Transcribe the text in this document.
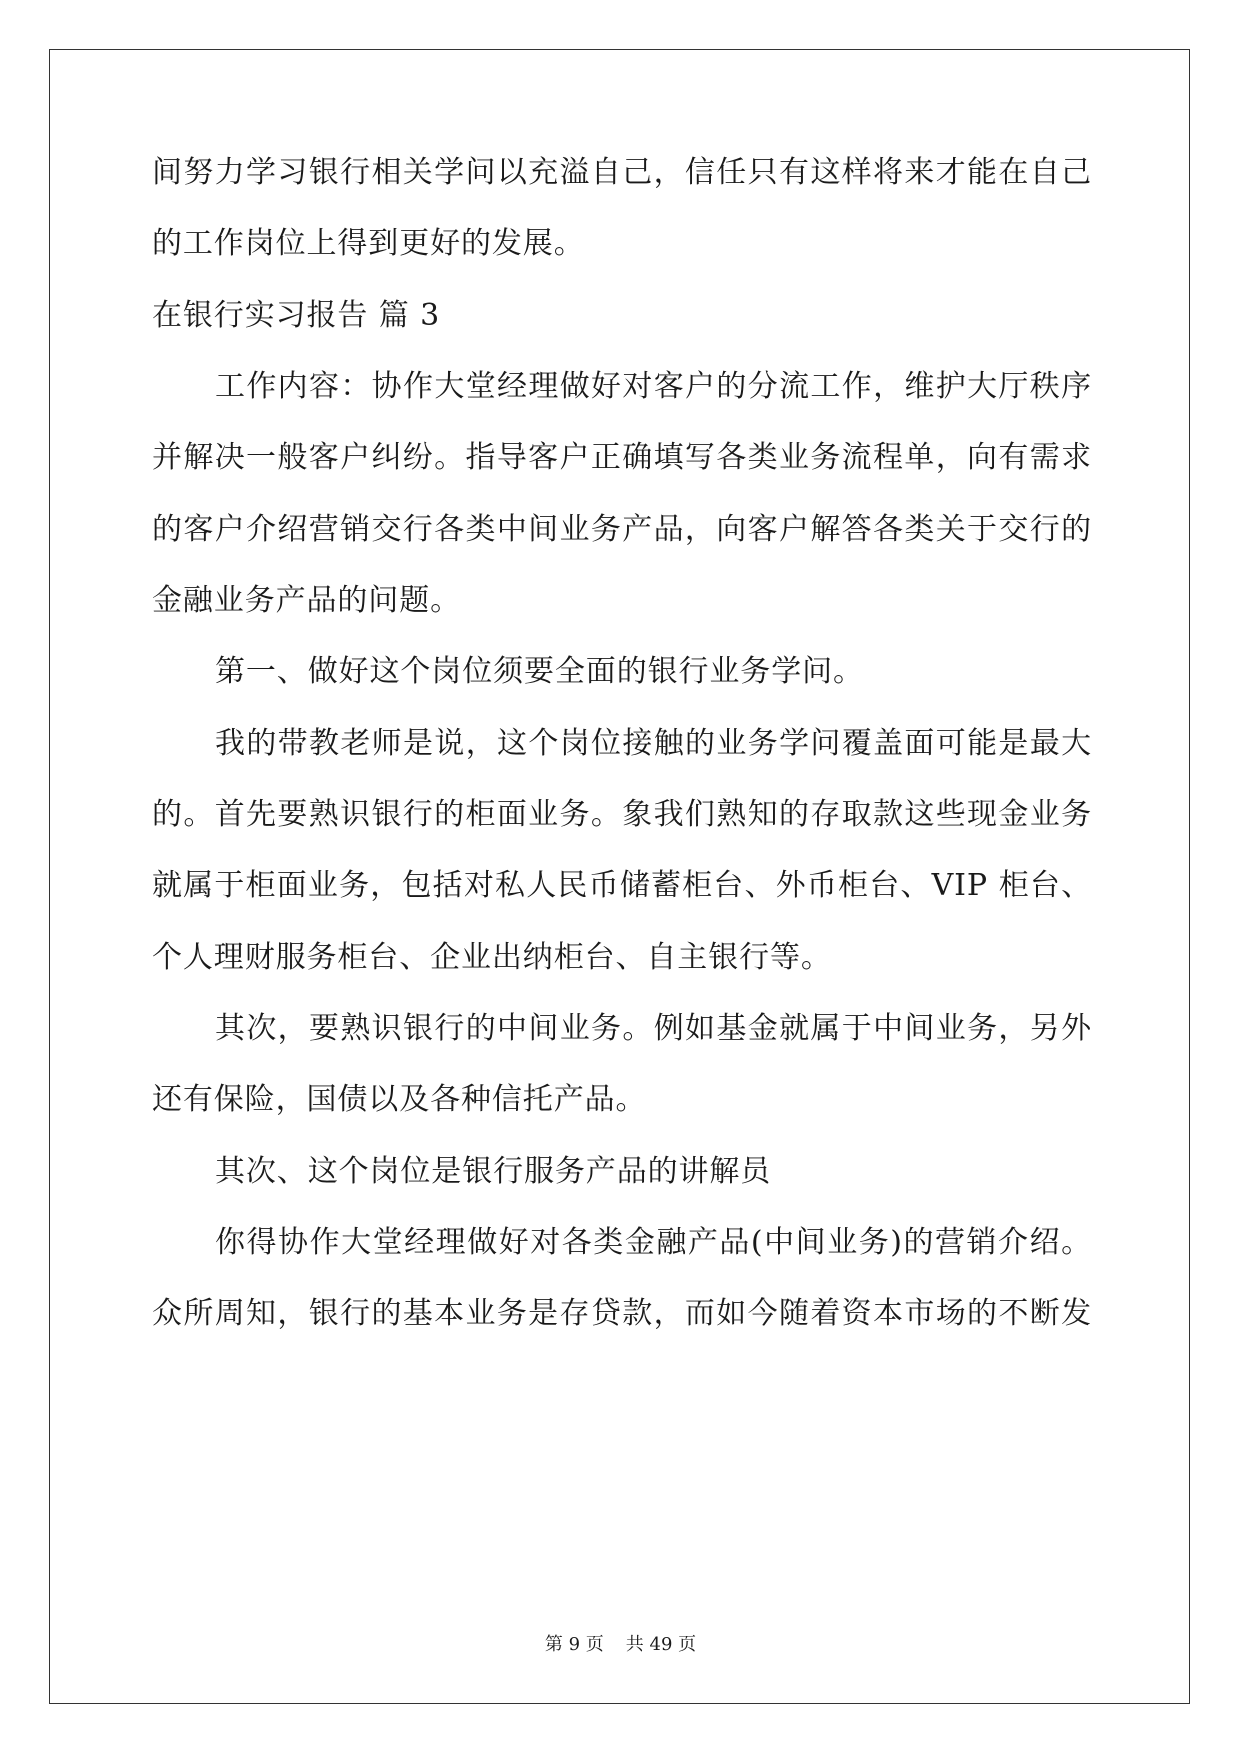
间努力学习银行相关学问以充溢自己，信任只有这样将来才能在自己
的工作岗位上得到更好的发展。
在银行实习报告 篇 3
工作内容：协作大堂经理做好对客户的分流工作，维护大厅秩序
并解决一般客户纠纷。指导客户正确填写各类业务流程单，向有需求
的客户介绍营销交行各类中间业务产品，向客户解答各类关于交行的
金融业务产品的问题。
第一、做好这个岗位须要全面的银行业务学问。
我的带教老师是说，这个岗位接触的业务学问覆盖面可能是最大
的。首先要熟识银行的柜面业务。象我们熟知的存取款这些现金业务
就属于柜面业务，包括对私人民币储蓄柜台、外币柜台、VIP 柜台、
个人理财服务柜台、企业出纳柜台、自主银行等。
其次，要熟识银行的中间业务。例如基金就属于中间业务，另外
还有保险，国债以及各种信托产品。
其次、这个岗位是银行服务产品的讲解员
你得协作大堂经理做好对各类金融产品(中间业务)的营销介绍。
众所周知，银行的基本业务是存贷款，而如今随着资本市场的不断发
第 9 页 共 49 页
